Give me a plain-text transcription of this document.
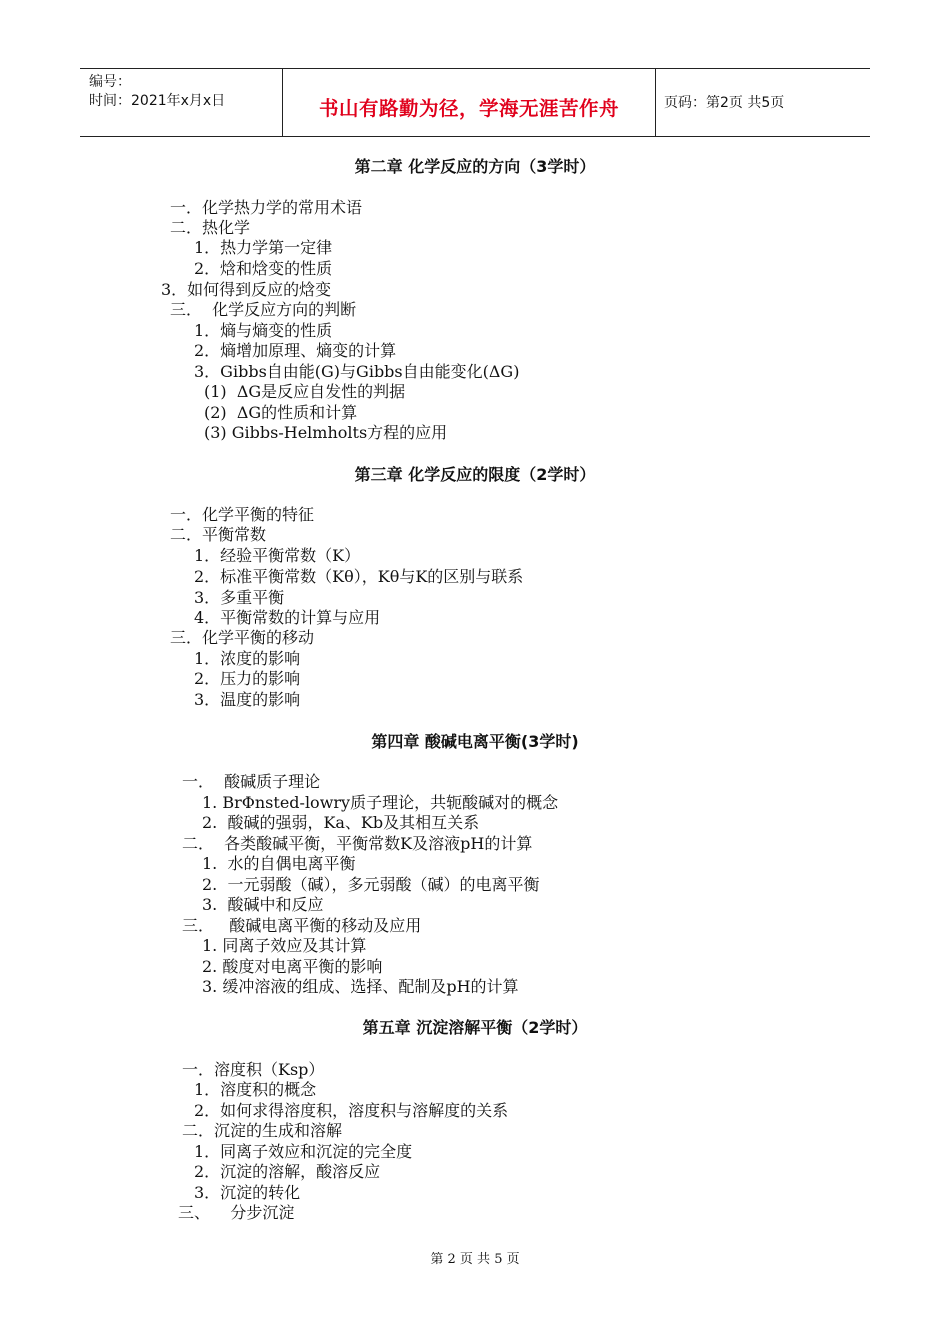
编号：
时间：2021年x月x日	书山有路勤为径，学海无涯苦作舟	页码：第2页 共5页
第二章 化学反应的方向（3学时）
一．化学热力学的常用术语
二．热化学
1．热力学第一定律
2．焓和焓变的性质
3．如何得到反应的焓变
三．  化学反应方向的判断
1．熵与熵变的性质
2．熵增加原理、熵变的计算
3．Gibbs自由能(G)与Gibbs自由能变化(ΔG)
(1)  ΔG是反应自发性的判据
(2)  ΔG的性质和计算
(3) Gibbs-Helmholts方程的应用
第三章 化学反应的限度（2学时）
一．化学平衡的特征
二．平衡常数
1．经验平衡常数（K）
2．标准平衡常数（Kθ），Kθ与K的区别与联系
3．多重平衡
4．平衡常数的计算与应用
三．化学平衡的移动
1．浓度的影响
2．压力的影响
3．温度的影响
第四章 酸碱电离平衡(3学时)
一．  酸碱质子理论
1. BrΦnsted-lowry质子理论，共轭酸碱对的概念
2.  酸碱的强弱，Ka、Kb及其相互关系
二．  各类酸碱平衡，平衡常数K及溶液pH的计算
1.  水的自偶电离平衡
2.  一元弱酸（碱），多元弱酸（碱）的电离平衡
3.  酸碱中和反应
三．   酸碱电离平衡的移动及应用
1. 同离子效应及其计算
2. 酸度对电离平衡的影响
3. 缓冲溶液的组成、选择、配制及pH的计算
第五章 沉淀溶解平衡（2学时）
一．溶度积（Ksp）
1．溶度积的概念
2．如何求得溶度积，溶度积与溶解度的关系
二．沉淀的生成和溶解
1．同离子效应和沉淀的完全度
2．沉淀的溶解，酸溶反应
3．沉淀的转化
三、    分步沉淀
第 2 页 共 5 页
